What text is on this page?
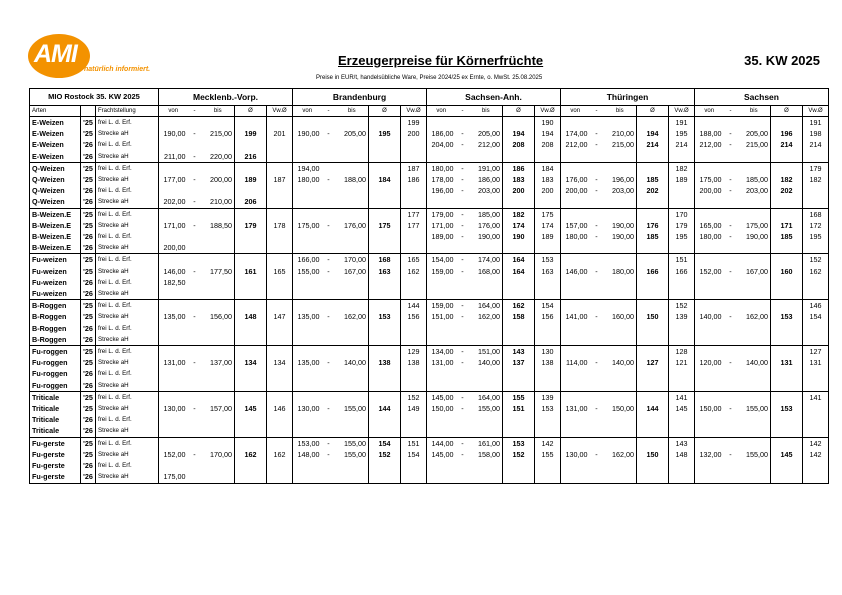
AMI
natürlich informiert.
Erzeugerpreise für Körnerfrüchte	35. KW 2025
Preise in EUR/t, handelsübliche Ware, Preise 2024/25 ex Ernte, o. MwSt. 25.08.2025
MIO Rostock 35. KW 2025			Mecklenb.-Vorp.					Brandenburg					Sachsen-Anh.					Thüringen					Sachsen				
Arten		Frachtstellung	von	-	bis	Ø	Vw.Ø	von	-	bis	Ø	Vw.Ø	von	-	bis	Ø	Vw.Ø	von	-	bis	Ø	Vw.Ø	von	-	bis	Ø	Vw.Ø
E-Weizen	'25	frei L. d. Erf.										199					190					191					191
E-Weizen	'25	Strecke aH	190,00	-	215,00	199	201	190,00	-	205,00	195	200	186,00	-	205,00	194	194	174,00	-	210,00	194	195	188,00	-	205,00	196	198
E-Weizen	'26	frei L. d. Erf.											204,00	-	212,00	208	208	212,00	-	215,00	214	214	212,00	-	215,00	214	214
E-Weizen	'26	Strecke aH	211,00	-	220,00	216																					
Q-Weizen	'25	frei L. d. Erf.						194,00				187	180,00	-	191,00	186	184					182					179
Q-Weizen	'25	Strecke aH	177,00	-	200,00	189	187	180,00	-	188,00	184	186	178,00	-	186,00	183	183	176,00	-	196,00	185	189	175,00	-	185,00	182	182
Q-Weizen	'26	frei L. d. Erf.											196,00	-	203,00	200	200	200,00	-	203,00	202		200,00	-	203,00	202	
Q-Weizen	'26	Strecke aH	202,00	-	210,00	206																					
B-Weizen.E	'25	frei L. d. Erf.										177	179,00	-	185,00	182	175					170					168
B-Weizen.E	'25	Strecke aH	171,00	-	188,50	179	178	175,00	-	176,00	175	177	171,00	-	176,00	174	174	157,00	-	190,00	176	179	165,00	-	175,00	171	172
B-Weizen.E	'26	frei L. d. Erf.											189,00	-	190,00	190	189	180,00	-	190,00	185	195	180,00	-	190,00	185	195
B-Weizen.E	'26	Strecke aH	200,00																								
Fu-weizen	'25	frei L. d. Erf.						166,00	-	170,00	168	165	154,00	-	174,00	164	153					151					152
Fu-weizen	'25	Strecke aH	146,00	-	177,50	161	165	155,00	-	167,00	163	162	159,00	-	168,00	164	163	146,00	-	180,00	166	166	152,00	-	167,00	160	162
Fu-weizen	'26	frei L. d. Erf.	182,50																								
Fu-weizen	'26	Strecke aH																									
B-Roggen	'25	frei L. d. Erf.										144	159,00	-	164,00	162	154					152					146
B-Roggen	'25	Strecke aH	135,00	-	156,00	148	147	135,00	-	162,00	153	156	151,00	-	162,00	158	156	141,00	-	160,00	150	139	140,00	-	162,00	153	154
B-Roggen	'26	frei L. d. Erf.																									
B-Roggen	'26	Strecke aH																									
Fu-roggen	'25	frei L. d. Erf.										129	134,00	-	151,00	143	130					128					127
Fu-roggen	'25	Strecke aH	131,00	-	137,00	134	134	135,00	-	140,00	138	138	131,00	-	140,00	137	138	114,00	-	140,00	127	121	120,00	-	140,00	131	131
Fu-roggen	'26	frei L. d. Erf.																									
Fu-roggen	'26	Strecke aH																									
Triticale	'25	frei L. d. Erf.										152	145,00	-	164,00	155	139					141					141
Triticale	'25	Strecke aH	130,00	-	157,00	145	146	130,00	-	155,00	144	149	150,00	-	155,00	151	153	131,00	-	150,00	144	145	150,00	-	155,00	153	
Triticale	'26	frei L. d. Erf.																									
Triticale	'26	Strecke aH																									
Fu-gerste	'25	frei L. d. Erf.						153,00	-	155,00	154	151	144,00	-	161,00	153	142					143					142
Fu-gerste	'25	Strecke aH	152,00	-	170,00	162	162	148,00	-	155,00	152	154	145,00	-	158,00	152	155	130,00	-	162,00	150	148	132,00	-	155,00	145	142
Fu-gerste	'26	frei L. d. Erf.																									
Fu-gerste	'26	Strecke aH	175,00																								
